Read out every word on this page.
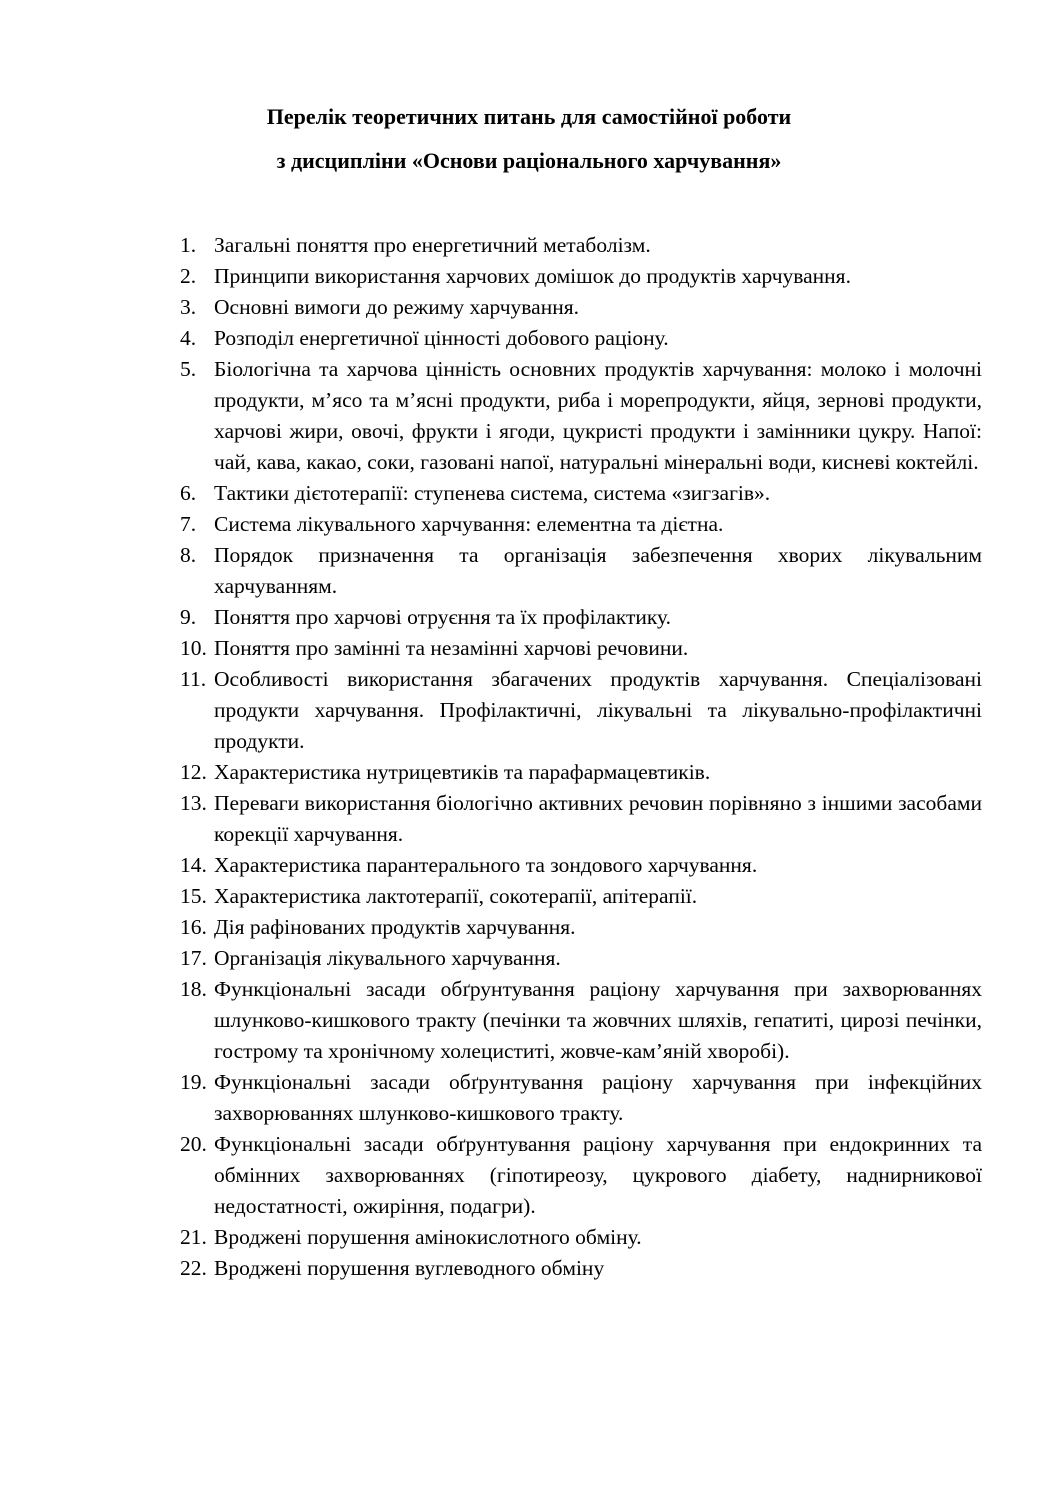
Перелік теоретичних питань для самостійної роботи
з дисципліни «Основи раціонального харчування»
1. Загальні поняття про енергетичний метаболізм.
2. Принципи використання харчових домішок до продуктів харчування.
3. Основні вимоги до режиму харчування.
4. Розподіл енергетичної цінності добового раціону.
5. Біологічна та харчова цінність основних продуктів харчування: молоко і молочні продукти, м’ясо та м’ясні продукти, риба і морепродукти, яйця, зернові продукти, харчові жири, овочі, фрукти і ягоди, цукристі продукти і замінники цукру. Напої: чай, кава, какао, соки, газовані напої, натуральні мінеральні води, кисневі коктейлі.
6. Тактики дієтотерапії: ступенева система, система «зигзагів».
7. Система лікувального харчування: елементна та дієтна.
8. Порядок призначення та організація забезпечення хворих лікувальним харчуванням.
9. Поняття про харчові отруєння та їх профілактику.
10. Поняття про замінні та незамінні харчові речовини.
11. Особливості використання збагачених продуктів харчування. Спеціалізовані продукти харчування. Профілактичні, лікувальні та лікувально-профілактичні продукти.
12. Характеристика нутрицевтиків та парафармацевтиків.
13. Переваги використання біологічно активних речовин порівняно з іншими засобами корекції харчування.
14. Характеристика парантерального та зондового харчування.
15. Характеристика лактотерапії, сокотерапії, апітерапії.
16. Дія рафінованих продуктів харчування.
17. Організація лікувального харчування.
18. Функціональні засади обґрунтування раціону харчування при захворюваннях шлунково-кишкового тракту (печінки та жовчних шляхів, гепатиті, цирозі печінки, гострому та хронічному холециститі, жовче-кам’яній хворобі).
19. Функціональні засади обґрунтування раціону харчування при інфекційних захворюваннях шлунково-кишкового тракту.
20. Функціональні засади обґрунтування раціону харчування при ендокринних та обмінних захворюваннях (гіпотиреозу, цукрового діабету, наднирникової недостатності, ожиріння, подагри).
21. Вроджені порушення амінокислотного обміну.
22. Вроджені порушення вуглеводного обміну
